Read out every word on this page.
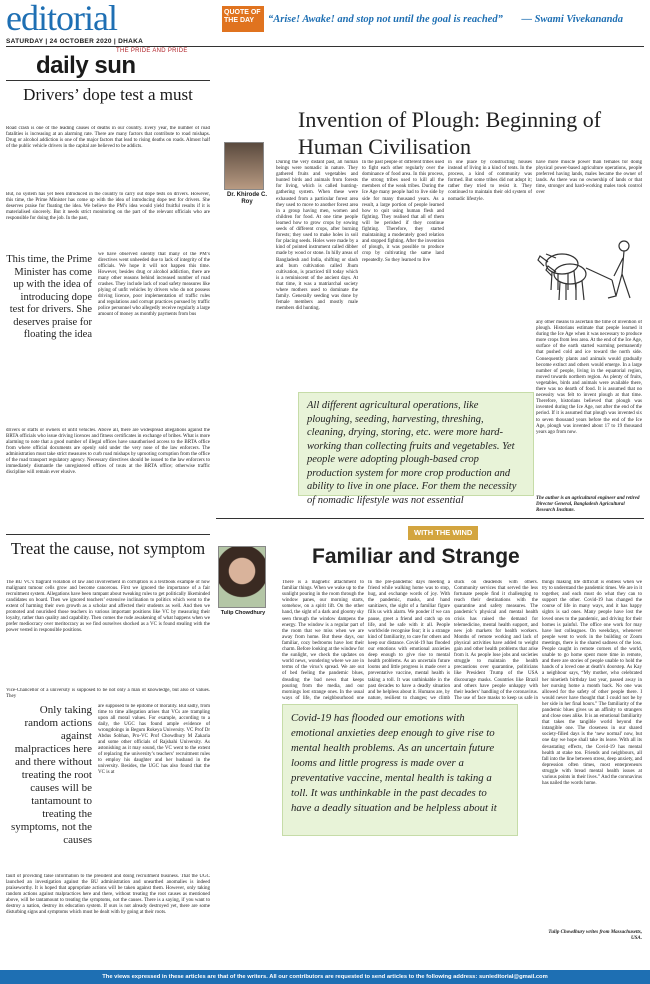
editorial	QUOTE OF THE DAY	“Arise! Awake! and stop not until the goal is reached” — Swami Vivekananda
SATURDAY | 24 OCTOBER 2020 | DHAKA
THE PRIDE AND PRIDE
daily sun
Drivers’ dope test a must
Road crash is one of the leading causes of deaths in our country. Every year, the number of road fatalities is increasing at an alarming rate. There are many factors that contribute to road mishaps. Drug or alcohol addiction is one of the major factors that lead to rising deaths on roads. Almost half of the public vehicle drivers in the capital are believed to be addicts.
But, no system has yet been introduced in the country to carry out dope tests on drivers. However, this time, the Prime Minister has come up with the idea of introducing dope test for drivers. She deserves praise for floating the idea. We believe the PM’s idea would yield fruitful results if it is materialised sincerely. But it needs strict monitoring on the part of the relevant officials who are responsible for doing the job. In the past,
This time, the Prime Minister has come up with the idea of introducing dope test for drivers. She deserves praise for floating the idea
we have observed silently that many of the PM’s directives went unheeded due to lack of integrity of the officials. We hope it will not happen this time. However, besides drug or alcohol addiction, there are many other reasons behind increased number of road crashes. They include lack of road safety measures like plying of unfit vehicles by drivers who do not possess driving licence, poor implementation of traffic rules and regulations and corrupt practices pursued by traffic police personnel who allegedly receive regularly a large amount of money as monthly payments from bus
drivers or staffs or owners of unfit vehicles. Above all, there are widespread allegations against the BRTA officials who issue driving licences and fitness certificates in exchange of bribes. What is more alarming to note that a good number of illegal offices have unauthorised access to the BRTA office from where official documents are openly sold under the very nose of the law enforcers. The administration must take strict measures to curb road mishaps by uprooting corruption from the office of the road transport regulatory agency. Necessary directives should be issued to the law enforcers to immediately dismantle the unregistered offices of touts at the BRTA office; otherwise traffic discipline will remain ever elusive.
Treat the cause, not symptom
The BU VC’s flagrant violation of law and involvement in corruption is a textbook example of how malignant tumour cells grow and become cancerous. First we ignored the importance of a fair recruitment system. Allegations have been rampant about tweaking rules to get politically likeminded candidates on board. Then we ignored teachers’ extensive inclination to politics which went to the extent of harming their own growth as a scholar and affected their students as well. And then we promoted and nourished those teachers in various important positions like VC by measuring their loyalty, rather than quality and capability. Then comes the rude awakening of what happens when we prefer mediocracy over meritocracy as we find ourselves shocked as a VC is found stealing with the power vested in responsible positions.
Vice-Chancellor of a university is supposed to be not only a man of knowledge, but also of values. They
Only taking random actions against malpractices here and there without treating the root causes will be tantamount to treating the symptoms, not the causes
are supposed to be epitome of morality. But sadly, from time to time allegation arises that VCs are trampling upon all moral values. For example, according to a daily, the UGC has found ample evidence of wrongdoings in Begum Rokeya University. VC Prof Dr Abdus Sobhan, Pro-VC Prof Chowdhury M Zakaria and some other officials of Rajshahi University. As astonishing as it may sound, the VC went to the extent of replacing the university’s teachers’ recruitment rules to employ his daughter and her husband in the university. Besides, the UGC has also found that the VC is at
fault of providing false information to the president and doing recruitment business. That the UGC launched an investigation against the BU administration and unearthed anomalies is indeed praiseworthy. It is hoped that appropriate actions will be taken against them. However, only taking random actions against malpractices here and there, without treating the root causes as mentioned above, will be tantamount to treating the symptoms, not the causes. There is a saying, if you want to destroy a nation, destroy its education system. If ours is not already destroyed yet, there are some disturbing signs and symptoms which must be dealt with by going at their roots.
Invention of Plough: Beginning of Human Civilisation
Dr. Khirode C. Roy
During the very distant past, all human beings were nomadic in nature. They gathered fruits and vegetables and hunted birds and animals from forests for living, which is called hunting-gathering system. When these were exhausted from a particular forest area they used to move to another forest area in a group having men, women and children for food. At one time people learned how to grow crops by sowing seeds of different crops, after burning forests; they used to make holes in soil for placing seeds. Holes were made by a kind of pointed instrument called dibber made by wood or stone. In hilly areas of Bangladesh and India, shifting or slash and burn cultivation called Jhum cultivation, is practiced till today which is a reminiscent of the ancient days. At that time, it was a matriarchal society where mothers used to dominate the family. Generally seeding was done by female members and mostly male members did hunting.
In the past people of different tribes used to fight each other regularly over the dominance of food area. In this process, the strong tribes used to kill all the members of the weak tribes. During the Ice Age many people had to live side by side for many thousand years. As a result, a large portion of people learned how to quit using human flesh and fighting. They realised that all of them will be perished if they continue fighting. Therefore, they started maintaining a moderately good relation and stopped fighting. After the invention of plough, it was possible to produce crop by cultivating the same land repeatedly. So they learned to live
in one place by constructing houses instead of living in a kind of tents. In the process, a kind of community was formed. But some tribes did not adopt it; rather they tried to resist it. They continued to maintain their old system of nomadic lifestyle.
have more muscle power than females for doing physical power-based agriculture operations, people preferred having lands, males became the owner of lands. As there was no ownership of lands or that time, stronger and hard-working males took control over
any other means to ascertain the time of invention of plough. Historians estimate that people learned it during the Ice Age when it was necessary to produce more crops from less area. At the end of the Ice Age, surface of the earth started warming permanently that pushed cold and ice toward the north side. Consequently plants and animals would gradually become extinct and others would emerge. In a large number of people, living in the equatorial region, moved towards northern region. As plenty of fruits, vegetables, birds and animals were available there, there was no dearth of food. It is assumed that no necessity was felt to invent plough at that time. Therefore, historians believed that plough was invented during the Ice Age, not after the end of the period. If it is assumed that plough was invented six to seven thousand years before the end of the Ice Age, plough was invented about 17 to 19 thousand years ago from now.
All different agricultural operations, like ploughing, seeding, harvesting, threshing, cleaning, drying, storing, etc. were more hard-working than collecting fruits and vegetables. Yet people were adopting plough-based crop production system for more crop production and ability to live in one place. For them the necessity of nomadic lifestyle was not essential	The author is an agricultural engineer and retired Director General, Bangladesh Agricultural Research Institute.
WITH THE WIND
Familiar and Strange
Tulip Chowdhury
There is a magnetic attachment to familiar things. When we wake up to the sunlight pouring in the room through the window panes, our morning starts, somehow, on a spirit lift. On the other hand, the sight of a dark and gloomy sky seen through the window dampens the energy. The window is a regular part of the room that we miss when we are away from home. But these days, our familiar, cozy bedrooms have lost their charm. Before looking at the window for the sunlight, we check the updates on world news, wondering where we are in terms of the virus’s spread. We are out of bed feeling the pandemic blues, dreading the bad news that keeps pouring from the media, and our mornings lost strange ones. In the usual ways of life, the neighbourhood one
In the pre-pandemic days meeting a friend while walking home was to stop, hug, and exchange words of joy. With the pandemic, masks, and hand sanitizers, the sight of a familiar figure fills us with alarm. We ponder if we can pause, greet a friend and catch up on life, and be safe with it all. People worldwide recognise fear; it is a strange kind of familiarity, to care for others and keep our distance. Covid-19 has flooded our emotions with emotional anxieties deep enough to give rise to mental health problems. As an uncertain future looms and little progress is made over a preventative vaccine, mental health is taking a toll. It was unthinkable in the past decades to have a deadly situation and be helpless about it. Humans are, by nature, resilient to changes; we climb
stuck on deadends with others. Community services that served the less fortunate people find it challenging to reach their destinations with the quarantine and safety measures. The pandemic’s physical and mental health crisis has raised the demand for telemedicine, mental health support, and new job markets for health workers. Months of remote working and lack of physical activities have added to weight gain and other health problems that arise from it. As people lose jobs and societies struggle to maintain the health precautions over quarantine, politicians like President Trump of the USA discourage masks. Countries like Brazil and others have people unhappy with their leaders’ handling of the coronavirus. The use of face masks to keep us safe in
things making life difficult is endless when we try to understand the pandemic times. We are in it together, and each must do what they can to support the other. Covid-19 has changed the course of life in many ways, and it has happy sights is sad ones. Many people have lost the loved ones to the pandemic, and driving for their homes is painful. The office one work for may have lost colleagues. On weekdays, whenever people went to work in the building or Zoom meetings, there is the shared sadness of the loss. People caught in remote corners of the world, unable to go home spent more time in remote, and there are stories of people unable to hold the hands of a loved one at death’s doorstep. As Kay a neighbour says, “My mother, who celebrated her ninetieth birthday last year, passed away in her nursing home a month back. No one was allowed for the safety of other people there. I would never have thought that I could not be by her side in her final hours.” The familiarity of the pandemic blues gives us an affinity to strangers and close ones alike. It is an emotional familiarity that takes the tangible world beyond the intangible one. The closeness in our shared society-filled days is the ‘new normal’ now, but one day we hope shall take its leave. With all its devastating effects, the Covid-19 has mental health at stake too. Friends and neighbours, all fall into the line between stress, deep anxiety, and depression often times, most enterpreneurs struggle with bread mental health issues at various points in their lives.” And the coronavirus has nailed the words home.
Covid-19 has flooded our emotions with emotional anxieties deep enough to give rise to mental health problems. As an uncertain future looms and little progress is made over a preventative vaccine, mental health is taking a toll. It was unthinkable in the past decades to have a deadly situation and be helpless about it
Tulip Chowdhury writes from Massachusetts, USA.
The views expressed in these articles are that of the writers. All our contributors are requested to send articles to the following address: sunieditorial@gmail.com
